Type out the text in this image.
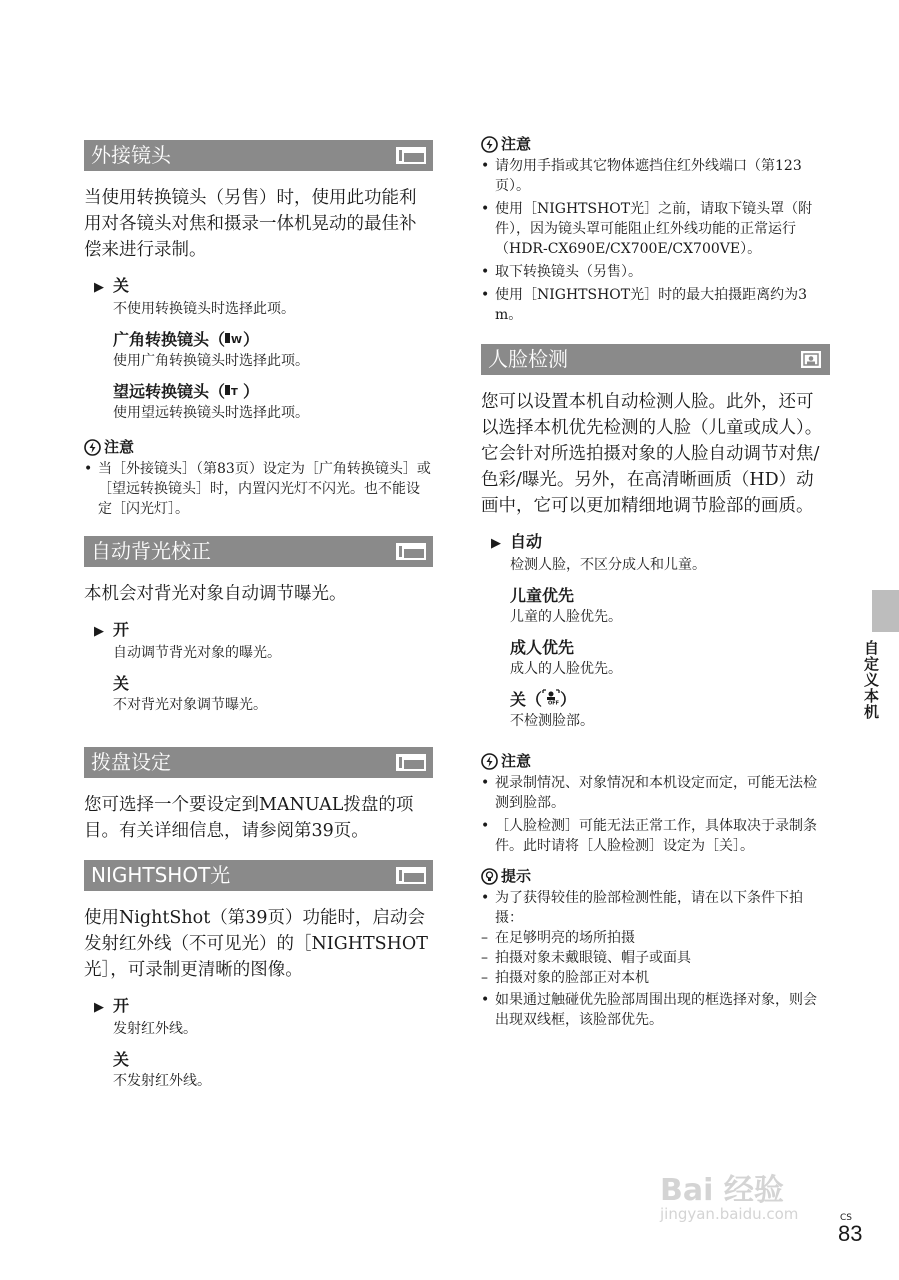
外接镜头

当使用转换镜头（另售）时，使用此功能利用对各镜头对焦和摄录一体机晃动的最佳补偿来进行录制。

▶ 关
不使用转换镜头时选择此项。
广角转换镜头（ W ）
使用广角转换镜头时选择此项。
望远转换镜头（ T ）
使用望远转换镜头时选择此项。
注意
• 当［外接镜头］（第83页）设定为［广角转换镜头］或［望远转换镜头］时，内置闪光灯不闪光。也不能设定［闪光灯］。
自动背光校正

本机会对背光对象自动调节曝光。

▶ 开
自动调节背光对象的曝光。
关
不对背光对象调节曝光。
拨盘设定

您可选择一个要设定到MANUAL拨盘的项目。有关详细信息，请参阅第39页。

NIGHTSHOT光

使用NightShot（第39页）功能时，启动会发射红外线（不可见光）的［NIGHTSHOT光］，可录制更清晰的图像。

▶ 开
发射红外线。
关
不发射红外线。
注意
• 请勿用手指或其它物体遮挡住红外线端口（第123页）。
• 使用［NIGHTSHOT光］之前，请取下镜头罩（附件），因为镜头罩可能阻止红外线功能的正常运行（HDR-CX690E/CX700E/CX700VE）。
• 取下转换镜头（另售）。
• 使用［NIGHTSHOT光］时的最大拍摄距离约为3 m。
人脸检测

您可以设置本机自动检测人脸。此外，还可以选择本机优先检测的人脸（儿童或成人）。

它会针对所选拍摄对象的人脸自动调节对焦/色彩/曝光。另外，在高清晰画质（HD）动画中，它可以更加精细地调节脸部的画质。

▶ 自动
检测人脸，不区分成人和儿童。
儿童优先
儿童的人脸优先。
成人优先
成人的人脸优先。
关（ OFF ）
不检测脸部。
注意
• 视录制情况、对象情况和本机设定而定，可能无法检测到脸部。
• ［人脸检测］可能无法正常工作，具体取决于录制条件。此时请将［人脸检测］设定为［关］。
提示
• 为了获得较佳的脸部检测性能，请在以下条件下拍摄：
– 在足够明亮的场所拍摄
– 拍摄对象未戴眼镜、帽子或面具
– 拍摄对象的脸部正对本机
• 如果通过触碰优先脸部周围出现的框选择对象，则会出现双线框，该脸部优先。
自定义本机
Bai 经验
jingyan.baidu.com	CS
83
